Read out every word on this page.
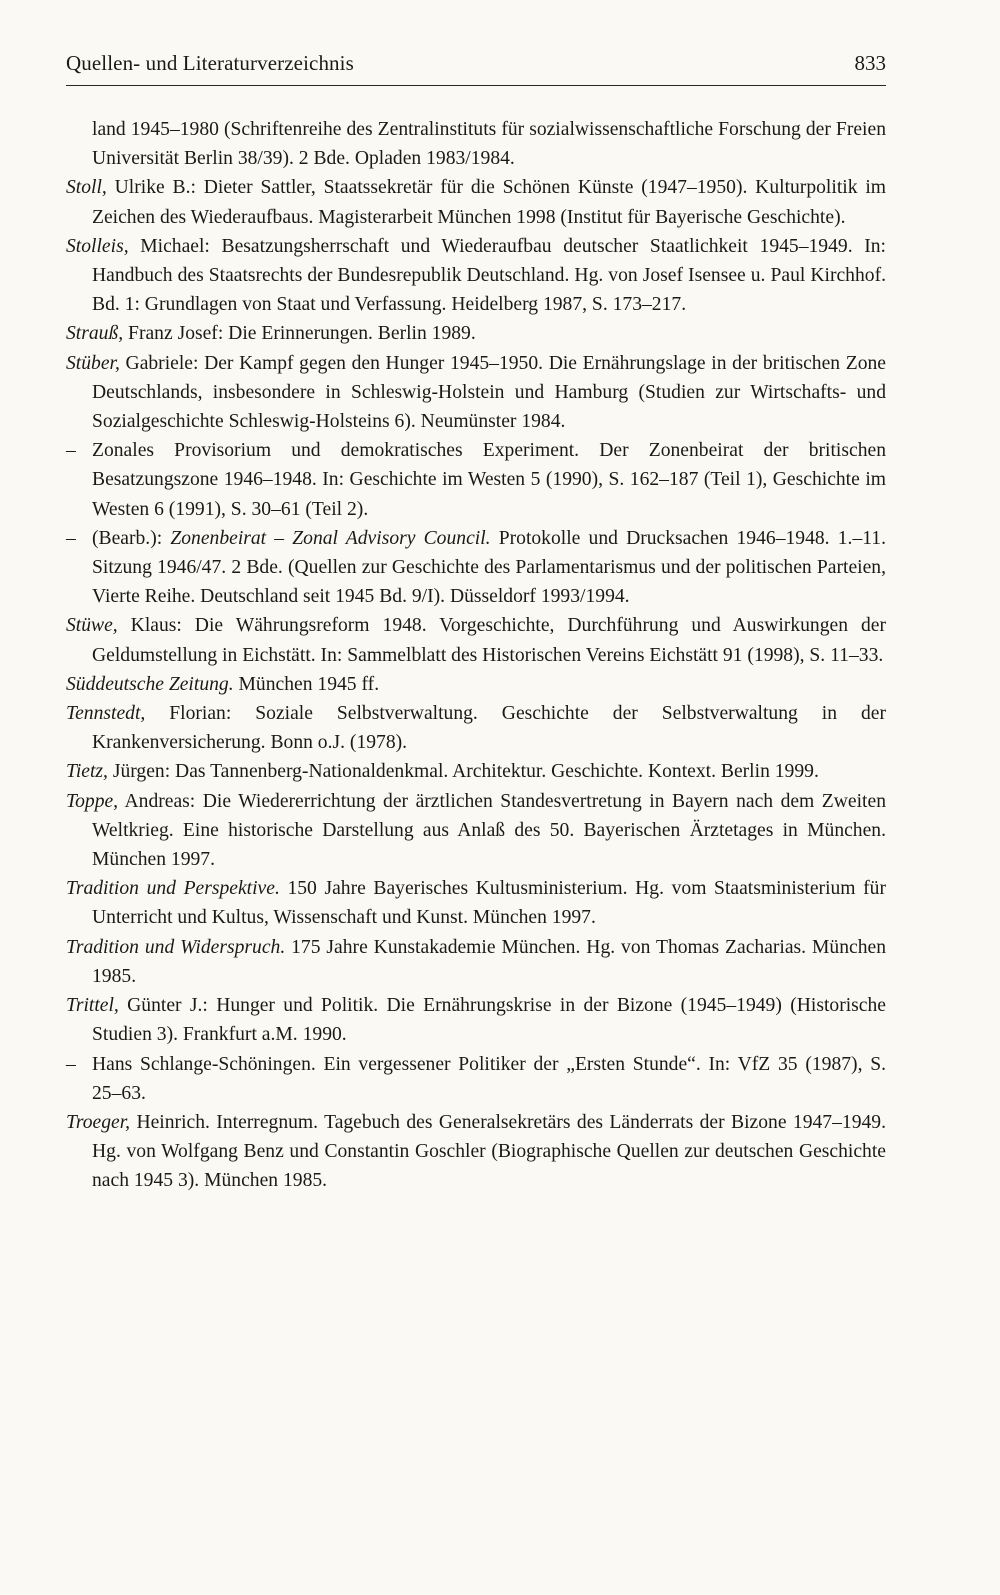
Quellen- und Literaturverzeichnis	833

land 1945–1980 (Schriftenreihe des Zentralinstituts für sozialwissenschaftliche Forschung der Freien Universität Berlin 38/39). 2 Bde. Opladen 1983/1984.

Stoll, Ulrike B.: Dieter Sattler, Staatssekretär für die Schönen Künste (1947–1950). Kulturpolitik im Zeichen des Wiederaufbaus. Magisterarbeit München 1998 (Institut für Bayerische Geschichte).

Stolleis, Michael: Besatzungsherrschaft und Wiederaufbau deutscher Staatlichkeit 1945–1949. In: Handbuch des Staatsrechts der Bundesrepublik Deutschland. Hg. von Josef Isensee u. Paul Kirchhof. Bd. 1: Grundlagen von Staat und Verfassung. Heidelberg 1987, S. 173–217.

Strauß, Franz Josef: Die Erinnerungen. Berlin 1989.

Stüber, Gabriele: Der Kampf gegen den Hunger 1945–1950. Die Ernährungslage in der britischen Zone Deutschlands, insbesondere in Schleswig-Holstein und Hamburg (Studien zur Wirtschafts- und Sozialgeschichte Schleswig-Holsteins 6). Neumünster 1984.

– Zonales Provisorium und demokratisches Experiment. Der Zonenbeirat der britischen Besatzungszone 1946–1948. In: Geschichte im Westen 5 (1990), S. 162–187 (Teil 1), Geschichte im Westen 6 (1991), S. 30–61 (Teil 2).

– (Bearb.): Zonenbeirat – Zonal Advisory Council. Protokolle und Drucksachen 1946–1948. 1.–11. Sitzung 1946/47. 2 Bde. (Quellen zur Geschichte des Parlamentarismus und der politischen Parteien, Vierte Reihe. Deutschland seit 1945 Bd. 9/I). Düsseldorf 1993/1994.

Stüwe, Klaus: Die Währungsreform 1948. Vorgeschichte, Durchführung und Auswirkungen der Geldumstellung in Eichstätt. In: Sammelblatt des Historischen Vereins Eichstätt 91 (1998), S. 11–33.

Süddeutsche Zeitung. München 1945 ff.

Tennstedt, Florian: Soziale Selbstverwaltung. Geschichte der Selbstverwaltung in der Krankenversicherung. Bonn o.J. (1978).

Tietz, Jürgen: Das Tannenberg-Nationaldenkmal. Architektur. Geschichte. Kontext. Berlin 1999.

Toppe, Andreas: Die Wiedererrichtung der ärztlichen Standesvertretung in Bayern nach dem Zweiten Weltkrieg. Eine historische Darstellung aus Anlaß des 50. Bayerischen Ärztetages in München. München 1997.

Tradition und Perspektive. 150 Jahre Bayerisches Kultusministerium. Hg. vom Staatsministerium für Unterricht und Kultus, Wissenschaft und Kunst. München 1997.

Tradition und Widerspruch. 175 Jahre Kunstakademie München. Hg. von Thomas Zacharias. München 1985.

Trittel, Günter J.: Hunger und Politik. Die Ernährungskrise in der Bizone (1945–1949) (Historische Studien 3). Frankfurt a.M. 1990.

– Hans Schlange-Schöningen. Ein vergessener Politiker der „Ersten Stunde“. In: VfZ 35 (1987), S. 25–63.

Troeger, Heinrich. Interregnum. Tagebuch des Generalsekretärs des Länderrats der Bizone 1947–1949. Hg. von Wolfgang Benz und Constantin Goschler (Biographische Quellen zur deutschen Geschichte nach 1945 3). München 1985.
